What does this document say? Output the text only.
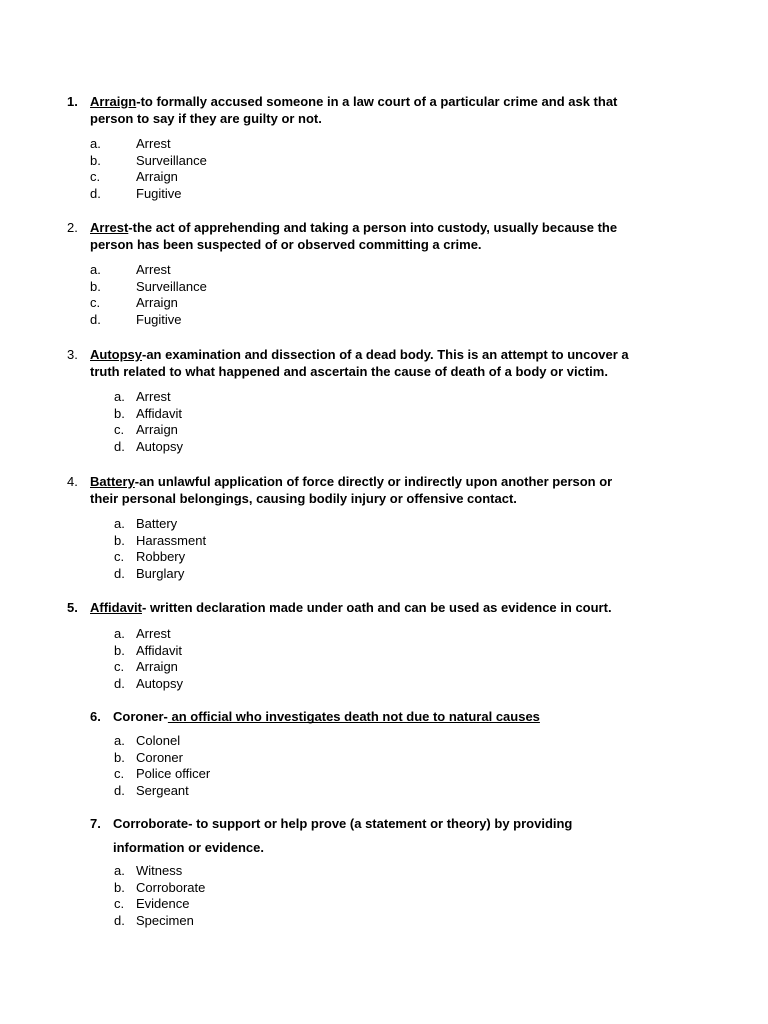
1. Arraign-to formally accused someone in a law court of a particular crime and ask that
person to say if they are guilty or not.
a.	Arrest
b.	Surveillance
c.	Arraign
d.	Fugitive
2. Arrest-the act of apprehending and taking a person into custody, usually because the
person has been suspected of or observed committing a crime.
a.	Arrest
b.	Surveillance
c.	Arraign
d.	Fugitive
3. Autopsy-an examination and dissection of a dead body. This is an attempt to uncover a
truth related to what happened and ascertain the cause of death of a body or victim.
a. Arrest
b. Affidavit
c. Arraign
d. Autopsy
4. Battery-an unlawful application of force directly or indirectly upon another person or
their personal belongings, causing bodily injury or offensive contact.
a. Battery
b. Harassment
c. Robbery
d. Burglary
5. Affidavit- written declaration made under oath and can be used as evidence in court.
a. Arrest
b. Affidavit
c. Arraign
d. Autopsy
6. Coroner- an official who investigates death not due to natural causes
a. Colonel
b. Coroner
c. Police officer
d. Sergeant
7. Corroborate- to support or help prove (a statement or theory) by providing
information or evidence.
a. Witness
b. Corroborate
c. Evidence
d. Specimen
